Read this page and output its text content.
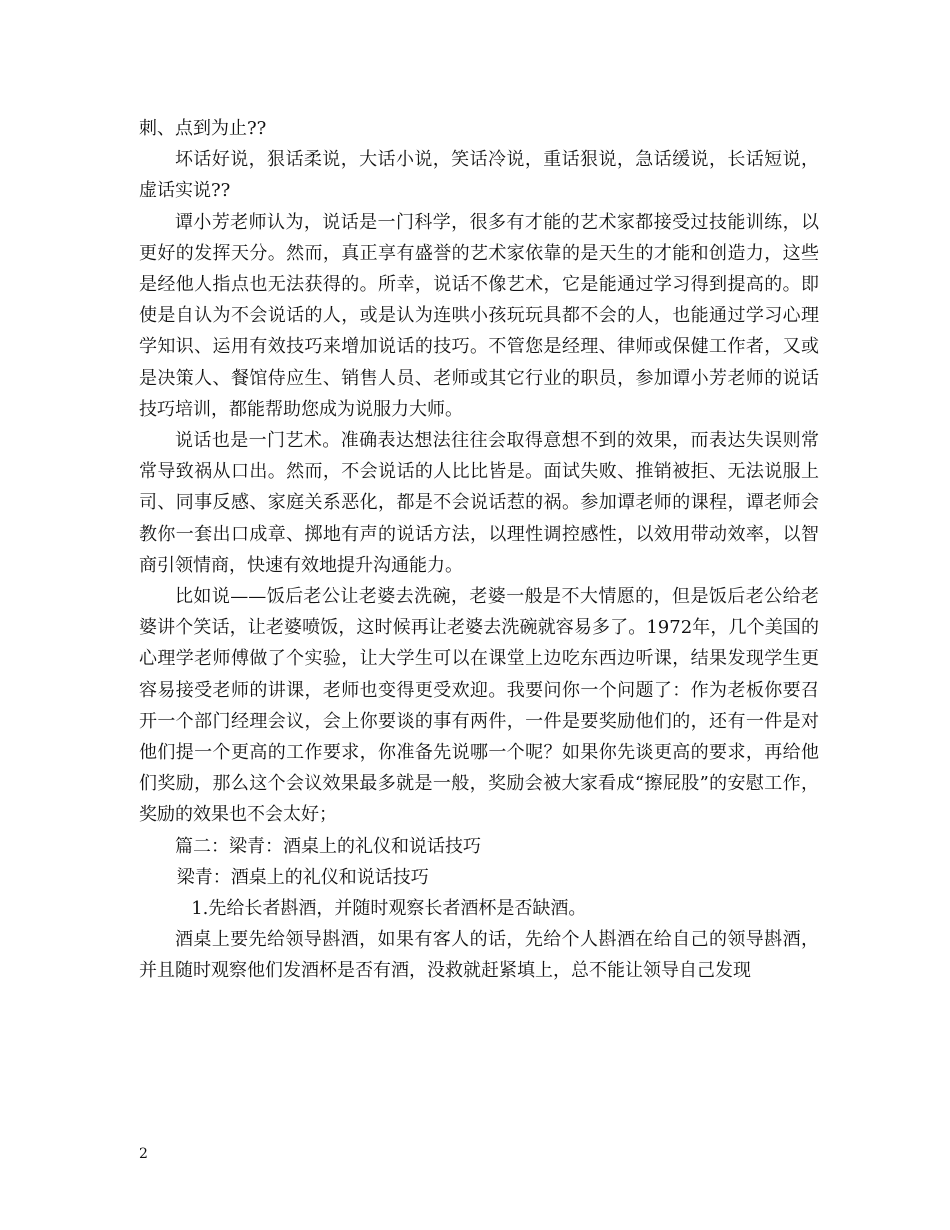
刺、点到为止??

坏话好说，狠话柔说，大话小说，笑话冷说，重话狠说，急话缓说，长话短说，虚话实说??

谭小芳老师认为，说话是一门科学，很多有才能的艺术家都接受过技能训练，以更好的发挥天分。然而，真正享有盛誉的艺术家依靠的是天生的才能和创造力，这些是经他人指点也无法获得的。所幸，说话不像艺术，它是能通过学习得到提高的。即使是自认为不会说话的人，或是认为连哄小孩玩玩具都不会的人，也能通过学习心理学知识、运用有效技巧来增加说话的技巧。不管您是经理、律师或保健工作者，又或是决策人、餐馆侍应生、销售人员、老师或其它行业的职员，参加谭小芳老师的说话技巧培训，都能帮助您成为说服力大师。

说话也是一门艺术。准确表达想法往往会取得意想不到的效果，而表达失误则常常导致祸从口出。然而，不会说话的人比比皆是。面试失败、推销被拒、无法说服上司、同事反感、家庭关系恶化，都是不会说话惹的祸。参加谭老师的课程，谭老师会教你一套出口成章、掷地有声的说话方法，以理性调控感性，以效用带动效率，以智商引领情商，快速有效地提升沟通能力。

比如说——饭后老公让老婆去洗碗，老婆一般是不大情愿的，但是饭后老公给老婆讲个笑话，让老婆喷饭，这时候再让老婆去洗碗就容易多了。1972年，几个美国的心理学老师傅做了个实验，让大学生可以在课堂上边吃东西边听课，结果发现学生更容易接受老师的讲课，老师也变得更受欢迎。我要问你一个问题了：作为老板你要召开一个部门经理会议，会上你要谈的事有两件，一件是要奖励他们的，还有一件是对他们提一个更高的工作要求，你准备先说哪一个呢？如果你先谈更高的要求，再给他们奖励，那么这个会议效果最多就是一般，奖励会被大家看成“擦屁股”的安慰工作，奖励的效果也不会太好；

篇二：梁青：酒桌上的礼仪和说话技巧

梁青：酒桌上的礼仪和说话技巧

1.先给长者斟酒，并随时观察长者酒杯是否缺酒。

酒桌上要先给领导斟酒，如果有客人的话，先给个人斟酒在给自己的领导斟酒，并且随时观察他们发酒杯是否有酒，没救就赶紧填上，总不能让领导自己发现

2
